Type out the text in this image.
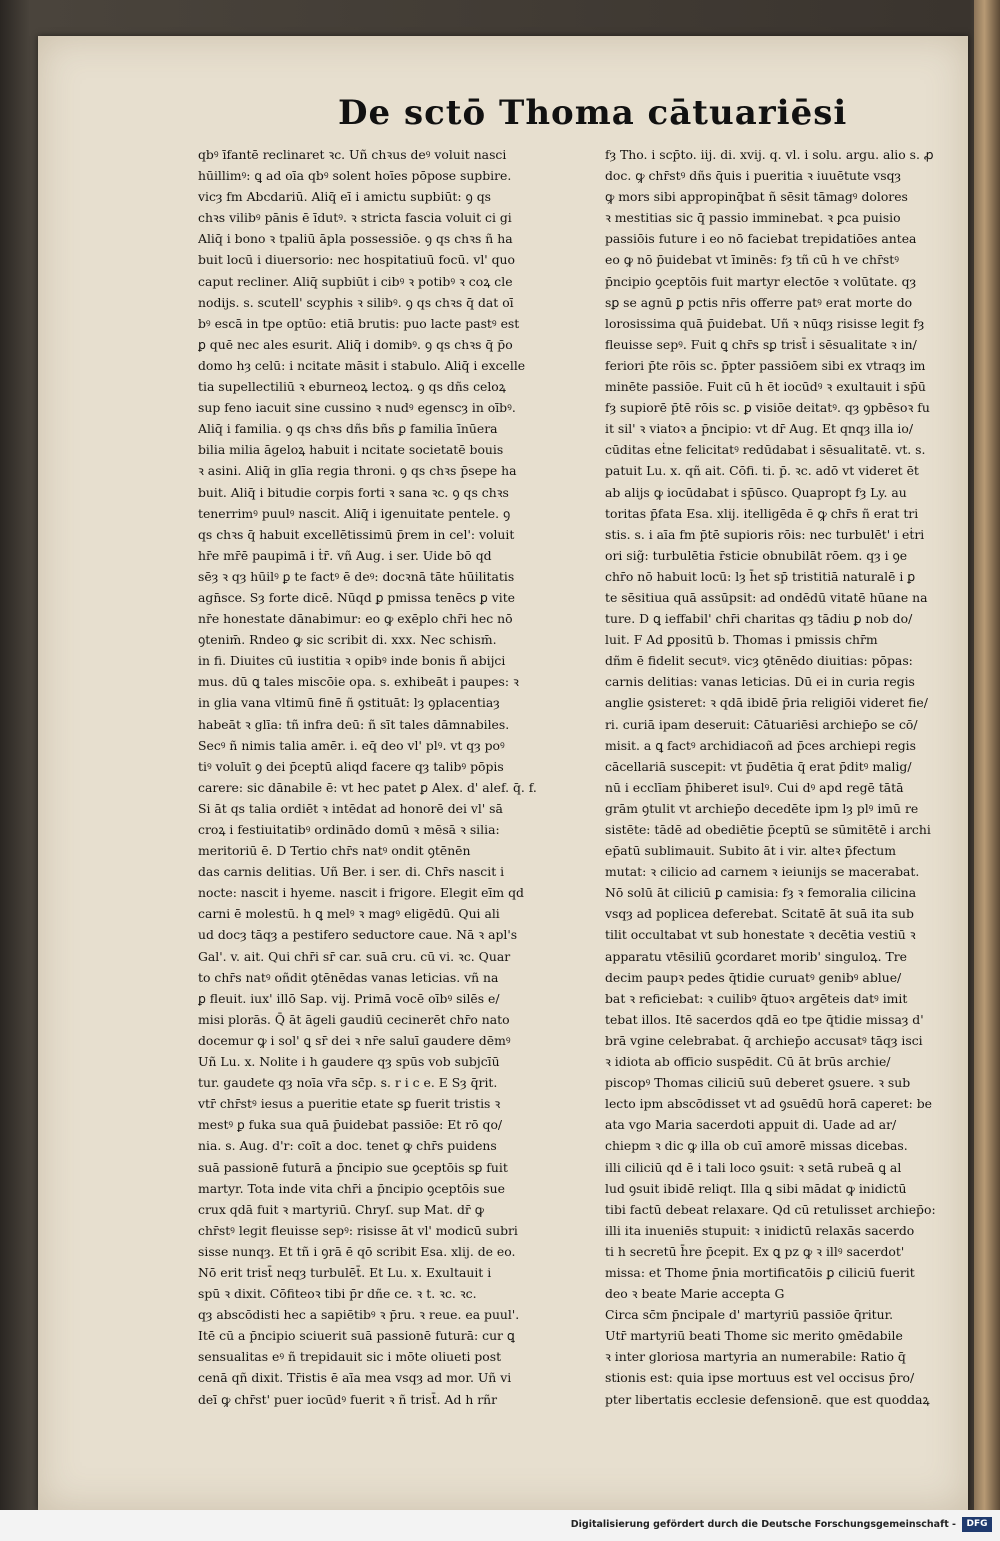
De sctō Thoma cātuariēsi

qbꝰ īfantē reclinaret ꝛc. Uñ chꝛus deꝰ voluit nasci
hūillimꝰ: ꝗ ad oīa qbꝰ solent hoīes pōpose supbire.
vicȝ fm Abcdariū. Aliq̄ eī i amictu supbiūt: ꝯ qs
chꝛs vilibꝰ pānis ē īdutꝰ. ꝛ stricta fascia voluit ci gi
Aliq̄ i bono ꝛ tpaliū āpla possessiōe. ꝯ qs chꝛs ñ ha
buit locū i diuersorio: nec hospitatiuū focū. vl' quo
caput recliner. Aliq̄ supbiūt i cibꝰ ꝛ potibꝰ ꝛ coꝝ cle
nodijs. s. scutell' scyphis ꝛ silibꝰ. ꝯ qs chꝛs q̄ dat oī
bꝰ escā in tpe optūo: etiā brutis: puo lacte pastꝰ est
ꝑ quē nec ales esurit. Aliq̄ i domibꝰ. ꝯ qs chꝛs q̄ p̄o
domo hȝ celū: i ncitate māsit i stabulo. Aliq̄ i excelle
tia supellectiliū ꝛ eburneoꝝ lectoꝝ. ꝯ qs dñs celoꝝ
sup feno iacuit sine cussino ꝛ nudꝰ egenscȝ in oībꝰ.
Aliq̄ i familia. ꝯ qs chꝛs dñs bñs ꝑ familia īnūera
bilia milia āgeloꝝ habuit i ncitate societatē bouis
ꝛ asini. Aliq̄ in glīa regia throni. ꝯ qs chꝛs p̄sepe ha
buit. Aliq̄ i bitudie corpis forti ꝛ sana ꝛc. ꝯ qs chꝛs
tenerrimꝰ puulꝰ nascit. Aliq̄ i igenuitate pentele. ꝯ
qs chꝛs q̄ habuit excellētissimū p̄rem in cel': voluit
hr̄e mr̄ē paupimā i ṫr̄. vñ Aug. i ser. Uide bō qd
sēȝ ꝛ qȝ hūilꝰ ꝑ te factꝰ ē deꝰ: docꝛnā tāte hūilitatis
agn̄sce. Sȝ forte dicē. Nūqd ꝑ pmissa tenēcs ꝑ vite
nr̄e honestate dānabimur: eo ꝙ exēplo chr̄i hec nō
ꝯtenim̄. Rndeo ꝙ sic scribit di. xxx. Nec schism̄.
in fi. Diuites cū iustitia ꝛ opibꝰ inde bonis ñ abijci
mus. dū ꝗ tales miscōie opa. s. exhibeāt i paupes: ꝛ
in glia vana vltimū finē ñ ꝯstituāt: lȝ ꝯplacentiaȝ
habeāt ꝛ glīa: tñ infra deū: ñ sīt tales dāmnabiles.
Secꝰ ñ nimis talia amēr. i. eq̄ deo vl' plꝰ. vt qȝ poꝰ
tiꝰ voluīt ꝯ dei p̄ceptū aliqd facere qȝ talibꝰ pōpis
carere: sic dānabile ē: vt hec patet ꝑ Alex. d' alef. q̄. f.
Si āt qs talia ordiēt ꝛ intēdat ad honorē dei vl' sā
croꝝ i festiuitatibꝰ ordinādo domū ꝛ mēsā ꝛ silia:
meritoriū ē. D Tertio chr̄s natꝰ ondit ꝯtēnēn
das carnis delitias. Uñ Ber. i ser. di. Chr̄s nascit i
nocte: nascit i hyeme. nascit i frigore. Elegit eīm qd
carni ē molestū. h ꝗ melꝰ ꝛ magꝰ eligēdū. Qui ali
ud docȝ tāqȝ a pestifero seductore caue. Nā ꝛ apl's
Gal'. v. ait. Qui chr̄i sr̄ car. suā cru. cū vi. ꝛc. Quar
to chr̄s natꝰ oñdit ꝯtēnēdas vanas leticias. vñ na
ꝑ fleuit. iux' illō Sap. vij. Primā vocē oībꝰ silēs e/
misi plorās. Q̄ āt āgeli gaudiū cecinerēt chr̄o nato
docemur ꝙ i sol' ꝗ sr̄ dei ꝛ nr̄e saluī gaudere dēmꝰ
Uñ Lu. x. Nolite i h gaudere qȝ spūs vob subjcīū
tur. gaudete qȝ noīa vr̄a sc̄p. s. r i c e. E Sȝ q̄rit.
vtr̄ chr̄stꝰ iesus a pueritie etate sꝑ fuerit tristis ꝛ
mestꝰ ꝑ fuka sua quā p̄uidebat passiōe: Et rō qo/
nia. s. Aug. d'r: coīt a doc. tenet ꝙ chr̄s puidens
suā passionē futurā a p̄ncipio sue ꝯceptōis sꝑ fuit
martyr. Tota inde vita chr̄i a p̄ncipio ꝯceptōis sue
crux qdā fuit ꝛ martyriū. Chryſ. sup Mat. dr̄ ꝙ
chr̄stꝰ legit fleuisse sepꝰ: risisse āt vl' modicū subri
sisse nunqȝ. Et tñ i ꝯrā ē qō scribit Esa. xlij. de eo.
Nō erit trist̄ neqȝ turbulēt̄. Et Lu. x. Exultauit i
spū ꝛ dixit. Cōfiteoꝛ tibi p̄r dñe ce. ꝛ t. ꝛc. ꝛc.
qȝ abscōdisti hec a sapiētibꝰ ꝛ p̄ru. ꝛ reue. ea puul'.
Itē cū a p̄ncipio sciuerit suā passionē futurā: cur ꝗ
sensualitas eꝰ ñ trepidauit sic i mōte oliueti post
cenā qñ dixit. Tr̄istis ē aīa mea vsqȝ ad mor. Uñ vi
deī ꝙ chr̄st' puer iocūdꝰ fuerit ꝛ ñ trist̄. Ad h rñr

fȝ Tho. i scp̄to. iij. di. xvij. q. vl. i solu. argu. alio s. ꝓ
doc. ꝙ chr̄stꝰ dñs q̄uis i pueritia ꝛ iuuētute vsqȝ
ꝙ mors sibi appropinq̄bat ñ sēsit tāmagꝰ dolores
ꝛ mestitias sic q̄ passio imminebat. ꝛ ꝑca puisio
passiōis future i eo nō faciebat trepidatiōes antea
eo ꝙ nō p̄uidebat vt īminēs: fȝ tñ cū h ve chr̄stꝰ
p̄ncipio ꝯceptōis fuit martyr electōe ꝛ volūtate. qȝ
sꝑ se agnū ꝑ pctis nr̄is offerre patꝰ erat morte do
lorosissima quā p̄uidebat. Uñ ꝛ nūqȝ risisse legit fȝ
fleuisse sepꝰ. Fuit ꝗ chr̄s sꝑ trist̄ i sēsualitate ꝛ in/
feriori p̄te rōis sc. p̄pter passiōem sibi ex vtraqȝ im
minēte passiōe. Fuit cū h ēt iocūdꝰ ꝛ exultauit i sp̄ū
fȝ supiorē p̄tē rōis sc. ꝑ visiōe deitatꝰ. qȝ ꝯpbēsoꝛ fu
it sil' ꝛ viatoꝛ a p̄ncipio: vt dr̄ Aug. Et qnqȝ illa io/
cūditas eṫne felicitatꝰ redūdabat i sēsualitatē. vt. s.
patuit Lu. x. qñ ait. Cōfi. ti. p̄. ꝛc. adō vt videret ēt
ab alijs ꝙ iocūdabat i sp̄ūsco. Quapropt fȝ Ly. au
toritas p̄fata Esa. xlij. itelligēda ē ꝙ chr̄s ñ erat tri
stis. s. i aīa fm p̄tē supioris rōis: nec turbulēt' i eṫri
ori sig̃: turbulētia r̄sticie obnubilāt rōem. qȝ i ꝯe
chr̄o nō habuit locū: lȝ h̄et sp̄ tristitiā naturalē i ꝑ
te sēsitiua quā assūpsit: ad ondēdū vitatē hūane na
ture. D ꝗ ieffabil' chr̄i charitas qȝ tādiu ꝑ nob do/
luit. F Ad ꝑpositū b. Thomas i pmissis chr̄m
dñm ē fidelit secutꝰ. vicȝ ꝯtēnēdo diuitias: pōpas:
carnis delitias: vanas leticias. Dū ei in curia regis
anglie ꝯsisteret: ꝛ qdā ibidē p̄ria religiōi videret fie/
ri. curiā ipam deseruit: Cātuariēsi archiep̄o se cō/
misit. a ꝗ factꝰ archidiacoñ ad p̄ces archiepi regis
cācellariā suscepit: vt p̄udētia q̄ erat p̄ditꝰ malig/
nū i ecclīam p̄hiberet isulꝰ. Cui dꝰ apd regē tātā
grām ꝯtulit vt archiep̄o decedēte ipm lȝ plꝰ imū re
sistēte: tādē ad obediētie p̄ceptū se sūmitētē i archi
ep̄atū sublimauit. Subito āt i vir. alteꝛ p̄fectum
mutat: ꝛ cilicio ad carnem ꝛ ieiunijs se macerabat.
Nō solū āt ciliciū ꝑ camisia: fȝ ꝛ femoralia cilicina
vsqȝ ad poplicea deferebat. Scitatē āt suā ita sub
tilit occultabat vt sub honestate ꝛ decētia vestiū ꝛ
apparatu vtēsiliū ꝯcordaret morib' singuloꝝ. Tre
decim paupꝛ pedes q̄tidie curuatꝰ genibꝰ ablue/
bat ꝛ reficiebat: ꝛ cuilibꝰ q̄tuoꝛ argēteis datꝰ imit
tebat illos. Itē sacerdos qdā eo tpe q̄tidie missaȝ d'
brā vgine celebrabat. q̄ archiep̄o accusatꝰ tāqȝ isci
ꝛ idiota ab officio suspēdit. Cū āt brūs archie/
piscopꝰ Thomas ciliciū suū deberet ꝯsuere. ꝛ sub
lecto ipm abscōdisset vt ad ꝯsuēdū horā caperet: be
ata vgo Maria sacerdoti appuit di. Uade ad ar/
chiepm ꝛ dic ꝙ illa ob cuī amorē missas dicebas.
illi ciliciū qd ē i tali loco ꝯsuit: ꝛ setā rubeā ꝗ al
lud ꝯsuit ibidē reliqt. Illa ꝗ sibi mādat ꝙ inidictū
tibi factū debeat relaxare. Qd cū retulisset archiep̄o:
illi ita inueniēs stupuit: ꝛ inidictū relaxās sacerdo
ti h secretū h̄re p̄cepit. Ex ꝗ pz ꝙ ꝛ illꝰ sacerdot'
missa: et Thome p̄nia mortificatōis ꝑ ciliciū fuerit
deo ꝛ beate Marie accepta G
Circa sc̄m p̄ncipale d' martyriū passiōe q̄ritur.
Utr̄ martyriū beati Thome sic merito ꝯmēdabile
ꝛ inter gloriosa martyria an numerabile: Ratio q̄
stionis est: quia ipse mortuus est vel occisus p̄ro/
pter libertatis ecclesie defensionē. que est quoddaꝝ

Digitalisierung gefördert durch die Deutsche Forschungsgemeinschaft -	DFG
